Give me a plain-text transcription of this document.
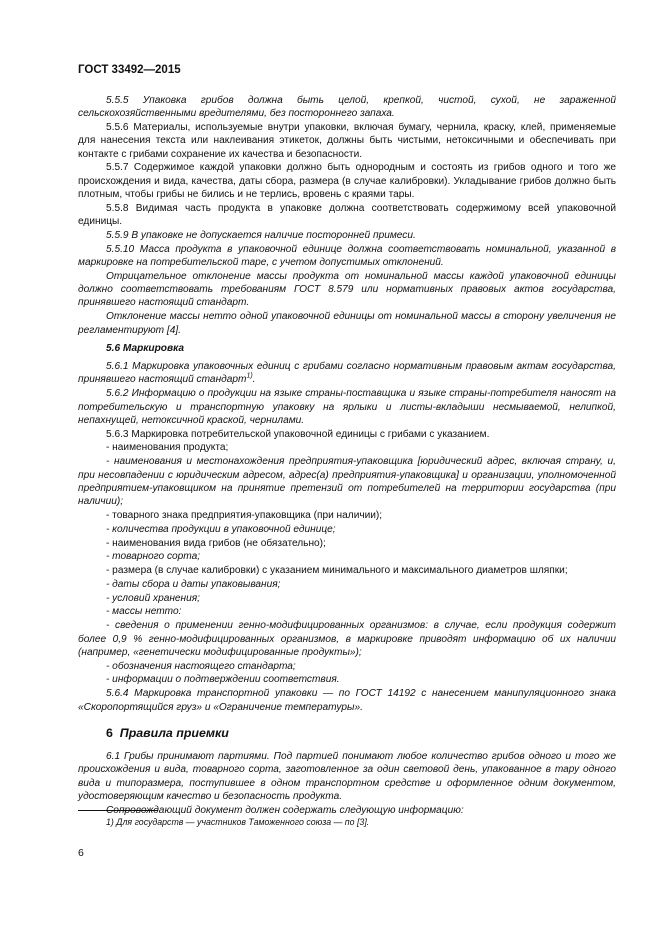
ГОСТ 33492—2015

5.5.5 Упаковка грибов должна быть целой, крепкой, чистой, сухой, не зараженной сельскохозяйственными вредителями, без постороннего запаха.

5.5.6 Материалы, используемые внутри упаковки, включая бумагу, чернила, краску, клей, применяемые для нанесения текста или наклеивания этикеток, должны быть чистыми, нетоксичными и обеспечивать при контакте с грибами сохранение их качества и безопасности.

5.5.7 Содержимое каждой упаковки должно быть однородным и состоять из грибов одного и того же происхождения и вида, качества, даты сбора, размера (в случае калибровки). Укладывание грибов должно быть плотным, чтобы грибы не бились и не терлись, вровень с краями тары.

5.5.8 Видимая часть продукта в упаковке должна соответствовать содержимому всей упаковочной единицы.

5.5.9 В упаковке не допускается наличие посторонней примеси.

5.5.10 Масса продукта в упаковочной единице должна соответствовать номинальной, указанной в маркировке на потребительской таре, с учетом допустимых отклонений.

Отрицательное отклонение массы продукта от номинальной массы каждой упаковочной единицы должно соответствовать требованиям ГОСТ 8.579 или нормативных правовых актов государства, принявшего настоящий стандарт.

Отклонение массы нетто одной упаковочной единицы от номинальной массы в сторону увеличения не регламентируют [4].

5.6 Маркировка

5.6.1 Маркировка упаковочных единиц с грибами согласно нормативным правовым актам государства, принявшего настоящий стандарт$^{1)}$.

5.6.2 Информацию о продукции на языке страны-поставщика и языке страны-потребителя наносят на потребительскую и транспортную упаковку на ярлыки и листы-вкладыши несмываемой, нелипкой, непахнущей, нетоксичной краской, чернилами.

5.6.3 Маркировка потребительской упаковочной единицы с грибами с указанием.

- наименования продукта;

- наименования и местонахождения предприятия-упаковщика [юридический адрес, включая страну, и, при несовпадении с юридическим адресом, адрес(а) предприятия-упаковщика] и организации, уполномоченной предприятием-упаковщиком на принятие претензий от потребителей на территории государства (при наличии);

- товарного знака предприятия-упаковщика (при наличии);

- количества продукции в упаковочной единице;

- наименования вида грибов (не обязательно);

- товарного сорта;

- размера (в случае калибровки) с указанием минимального и максимального диаметров шляпки;

- даты сбора и даты упаковывания;

- условий хранения;

- массы нетто:

- сведения о применении генно-модифицированных организмов: в случае, если продукция содержит более 0,9 % генно-модифицированных организмов, в маркировке приводят информацию об их наличии (например, «генетически модифицированные продукты»);

- обозначения настоящего стандарта;

- информации о подтверждении соответствия.

5.6.4 Маркировка транспортной упаковки — по ГОСТ 14192 с нанесением манипуляционного знака «Скоропортящийся груз» и «Ограничение температуры».

6 Правила приемки

6.1 Грибы принимают партиями. Под партией понимают любое количество грибов одного и того же происхождения и вида, товарного сорта, заготовленное за один световой день, упакованное в тару одного вида и типоразмера, поступившее в одном транспортном средстве и оформленное одним документом, удостоверяющим качество и безопасность продукта.

Сопровождающий документ должен содержать следующую информацию:

1) Для государств — участников Таможенного союза — по [3].
6
